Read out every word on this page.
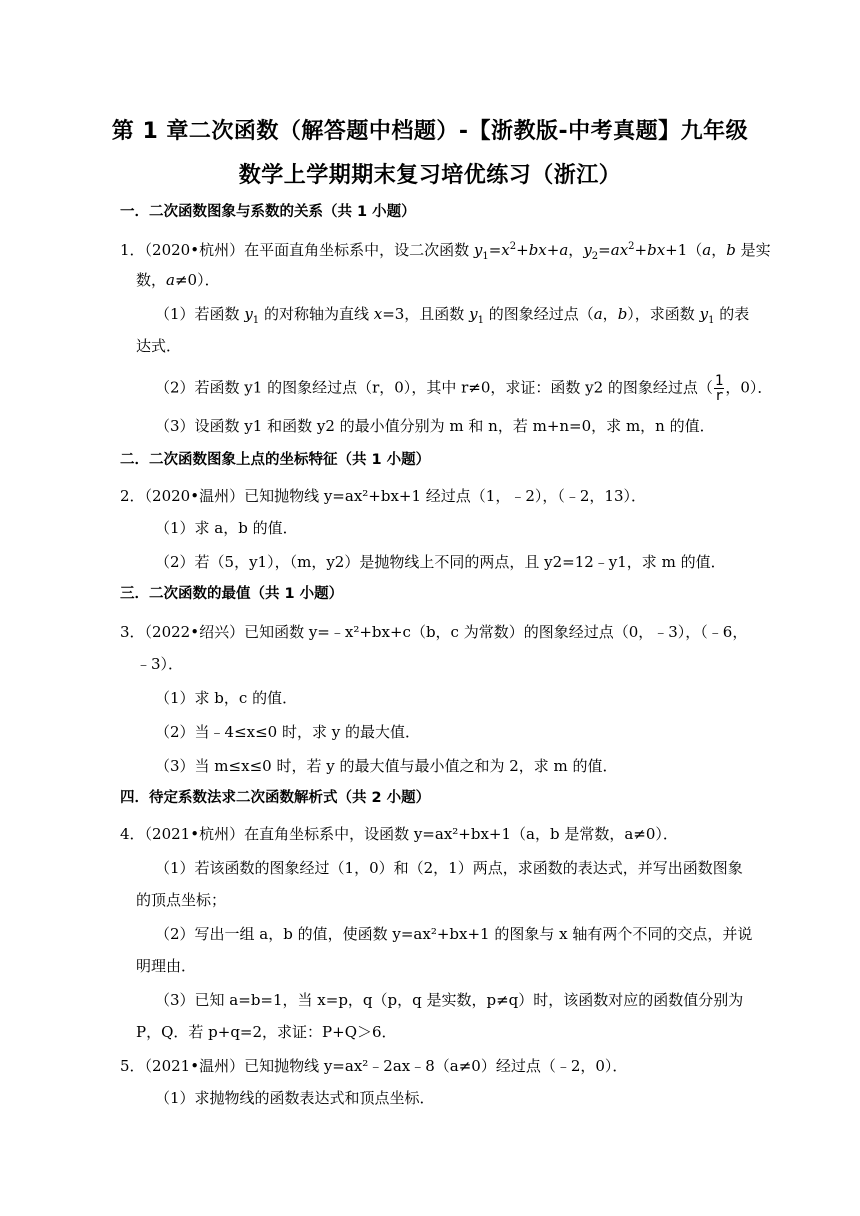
第 1 章二次函数（解答题中档题）-【浙教版-中考真题】九年级
数学上学期期末复习培优练习（浙江）
一．二次函数图象与系数的关系（共 1 小题）
1．（2020•杭州）在平面直角坐标系中，设二次函数 $y_1=x^2+bx+a$，$y_2=ax^2+bx+1(a$，b 是实
数，a≠0）．
（1）若函数 $y_1$ 的对称轴为直线 x=3，且函数 $y_1$ 的图象经过点（a，b），求函数 $y_1$ 的表
达式．
（2）若函数 y1 的图象经过点（r，0），其中 r≠0，求证：函数 y2 的图象经过点（ $\frac{1}{r}$ ，0）．
（3）设函数 y1 和函数 y2 的最小值分别为 m 和 n，若 m+n=0，求 m，n 的值．
二．二次函数图象上点的坐标特征（共 1 小题）
2．（2020•温州）已知抛物线 y=ax²+bx+1 经过点（1，﹣2），（﹣2，13）．
（1）求 a，b 的值．
（2）若（5，y1），（m，y2）是抛物线上不同的两点，且 y2=12﹣y1，求 m 的值．
三．二次函数的最值（共 1 小题）
3．（2022•绍兴）已知函数 y=﹣x²+bx+c（b，c 为常数）的图象经过点（0，﹣3），（﹣6，
﹣3）．
（1）求 b，c 的值．
（2）当﹣4≤x≤0 时，求 y 的最大值．
（3）当 m≤x≤0 时，若 y 的最大值与最小值之和为 2，求 m 的值．
四．待定系数法求二次函数解析式（共 2 小题）
4．（2021•杭州）在直角坐标系中，设函数 y=ax²+bx+1（a，b 是常数，a≠0）．
（1）若该函数的图象经过（1，0）和（2，1）两点，求函数的表达式，并写出函数图象
的顶点坐标；
（2）写出一组 a，b 的值，使函数 y=ax²+bx+1 的图象与 x 轴有两个不同的交点，并说
明理由．
（3）已知 a=b=1，当 x=p，q（p，q 是实数，p≠q）时，该函数对应的函数值分别为
P，Q．若 p+q=2，求证：P+Q＞6．
5．（2021•温州）已知抛物线 y=ax²﹣2ax﹣8（a≠0）经过点（﹣2，0）．
（1）求抛物线的函数表达式和顶点坐标．
